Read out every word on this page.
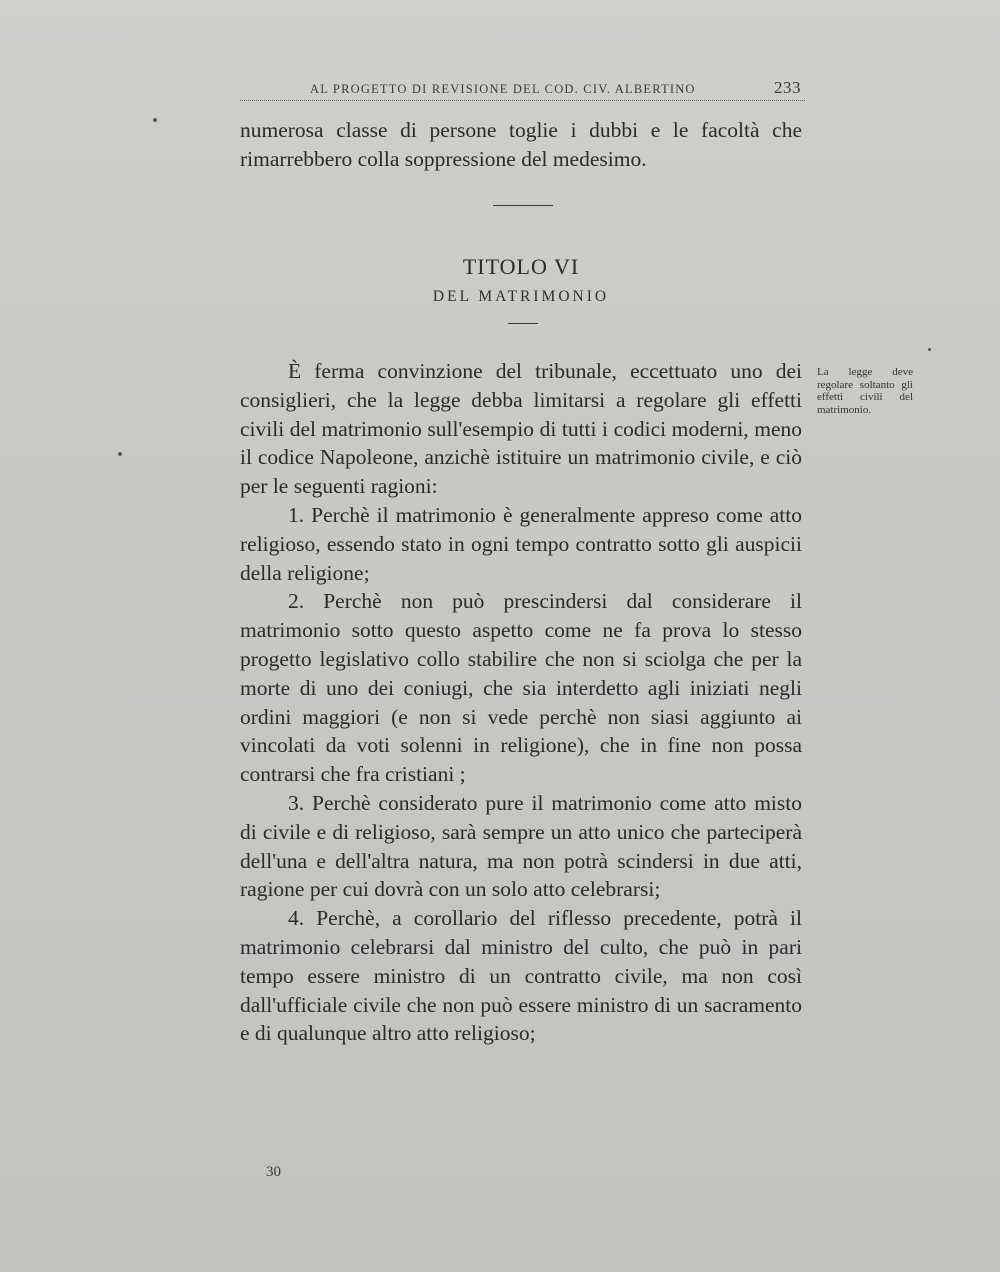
AL PROGETTO DI REVISIONE DEL COD. CIV. ALBERTINO	233

numerosa classe di persone toglie i dubbi e le facoltà che rimarrebbero colla soppressione del medesimo.

TITOLO VI
DEL MATRIMONIO

È ferma convinzione del tribunale, eccettuato uno dei consiglieri, che la legge debba limitarsi a regolare gli effetti civili del matrimonio sull'esempio di tutti i codici moderni, meno il codice Napoleone, anzichè istituire un matrimonio civile, e ciò per le seguenti ragioni:

1. Perchè il matrimonio è generalmente appreso come atto religioso, essendo stato in ogni tempo contratto sotto gli auspicii della religione;

2. Perchè non può prescindersi dal considerare il matrimonio sotto questo aspetto come ne fa prova lo stesso progetto legislativo collo stabilire che non si sciolga che per la morte di uno dei coniugi, che sia interdetto agli iniziati negli ordini maggiori (e non si vede perchè non siasi aggiunto ai vincolati da voti solenni in religione), che in fine non possa contrarsi che fra cristiani ;

3. Perchè considerato pure il matrimonio come atto misto di civile e di religioso, sarà sempre un atto unico che parteciperà dell'una e dell'altra natura, ma non potrà scindersi in due atti, ragione per cui dovrà con un solo atto celebrarsi;

4. Perchè, a corollario del riflesso precedente, potrà il matrimonio celebrarsi dal ministro del culto, che può in pari tempo essere ministro di un contratto civile, ma non così dall'ufficiale civile che non può essere ministro di un sacramento e di qualunque altro atto religioso;

La legge deve regolare soltanto gli effetti civili del matrimonio.
30
